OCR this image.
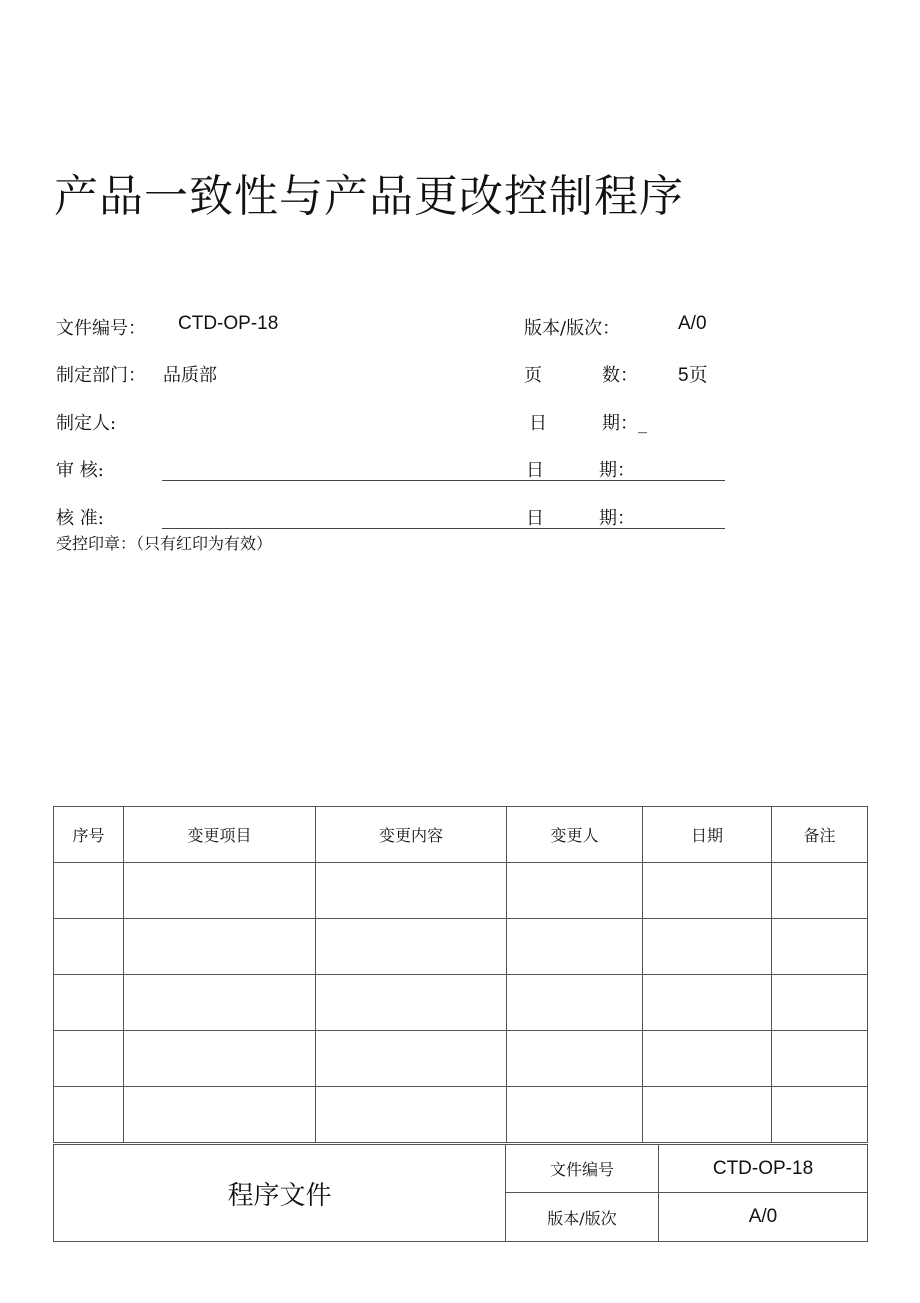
产品一致性与产品更改控制程序
文件编号： CTD-OP-18	版本/版次：	A/0
制定部门： 品质部	页	数： 5页
制定人:	日	期：_
审 核:	日	期：
核 准:	日	期：
受控印章：（只有红印为有效）
序号	变更项目	变更内容	变更人	日期	备注

程序文件	文件编号	CTD-OP-18
	版本/版次	A/0
